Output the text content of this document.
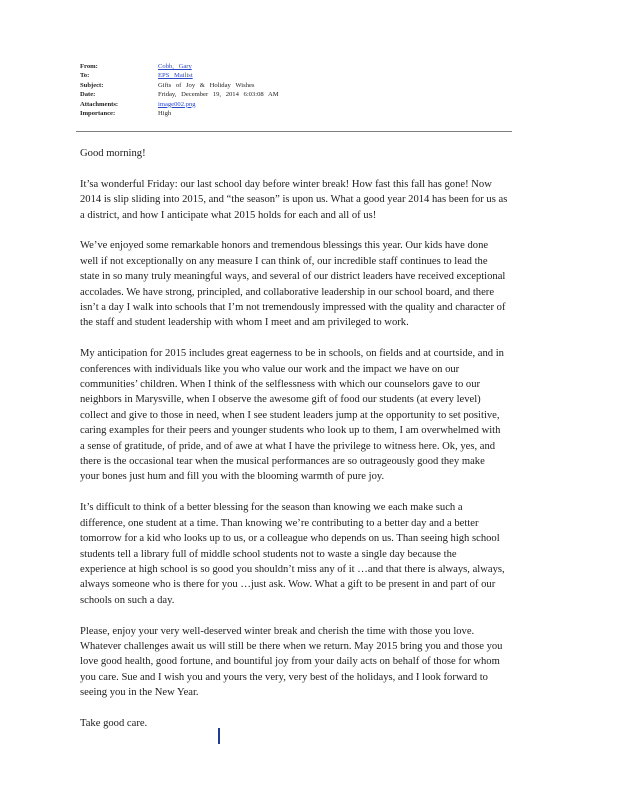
From:	Cobb, Gary
To:	EPS Mailist
Subject:	Gifts of Joy & Holiday Wishes
Date:	Friday, December 19, 2014 6:03:08 AM
Attachments:	image002.png
Importance:	High

Good morning!

It’sa wonderful Friday: our last school day before winter break! How fast this fall has gone! Now
2014 is slip sliding into 2015, and “the season” is upon us. What a good year 2014 has been for us as
a district, and how I anticipate what 2015 holds for each and all of us!
We’ve enjoyed some remarkable honors and tremendous blessings this year. Our kids have done
well if not exceptionally on any measure I can think of, our incredible staff continues to lead the
state in so many truly meaningful ways, and several of our district leaders have received exceptional
accolades. We have strong, principled, and collaborative leadership in our school board, and there
isn’t a day I walk into schools that I’m not tremendously impressed with the quality and character of
the staff and student leadership with whom I meet and am privileged to work.
My anticipation for 2015 includes great eagerness to be in schools, on fields and at courtside, and in
conferences with individuals like you who value our work and the impact we have on our
communities’ children. When I think of the selflessness with which our counselors gave to our
neighbors in Marysville, when I observe the awesome gift of food our students (at every level)
collect and give to those in need, when I see student leaders jump at the opportunity to set positive,
caring examples for their peers and younger students who look up to them, I am overwhelmed with
a sense of gratitude, of pride, and of awe at what I have the privilege to witness here. Ok, yes, and
there is the occasional tear when the musical performances are so outrageously good they make
your bones just hum and fill you with the blooming warmth of pure joy.
It’s difficult to think of a better blessing for the season than knowing we each make such a
difference, one student at a time. Than knowing we’re contributing to a better day and a better
tomorrow for a kid who looks up to us, or a colleague who depends on us. Than seeing high school
students tell a library full of middle school students not to waste a single day because the
experience at high school is so good you shouldn’t miss any of it …and that there is always, always,
always someone who is there for you …just ask. Wow. What a gift to be present in and part of our
schools on such a day.
Please, enjoy your very well-deserved winter break and cherish the time with those you love.
Whatever challenges await us will still be there when we return. May 2015 bring you and those you
love good health, good fortune, and bountiful joy from your daily acts on behalf of those for whom
you care. Sue and I wish you and yours the very, very best of the holidays, and I look forward to
seeing you in the New Year.

Take good care.
